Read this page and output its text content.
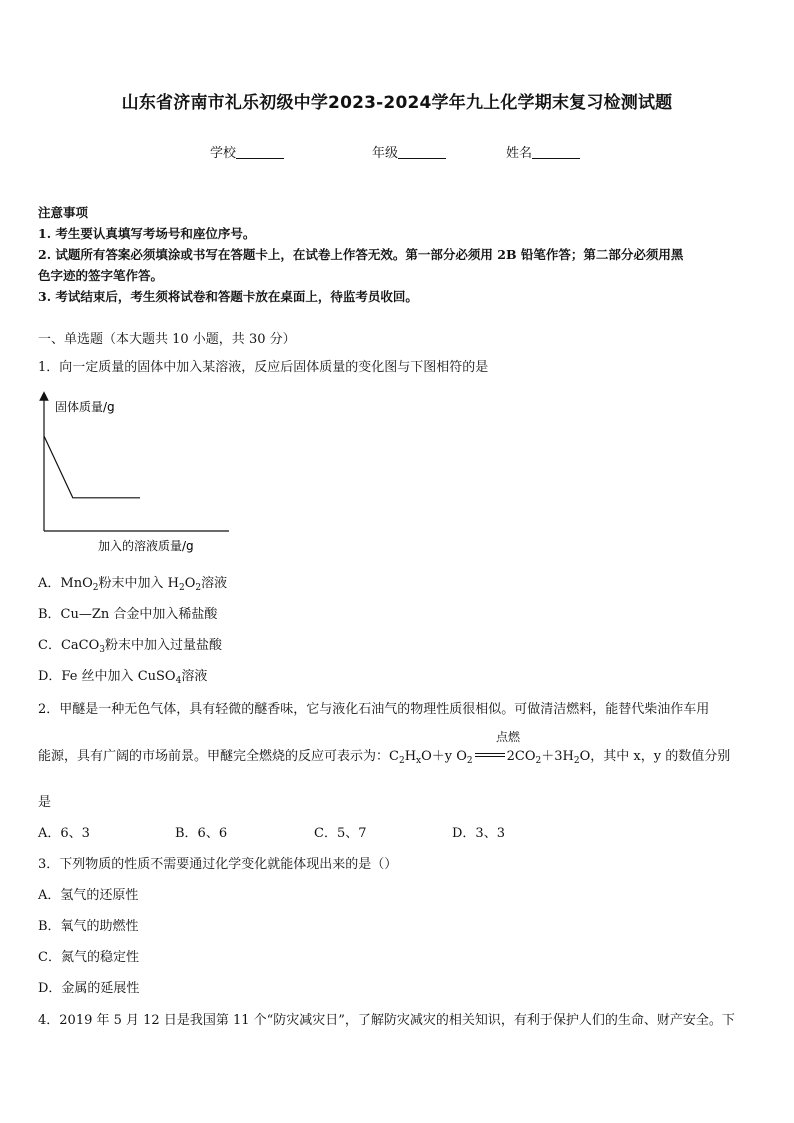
山东省济南市礼乐初级中学2023-2024学年九上化学期末复习检测试题
学校	年级	姓名
注意事项
1. 考生要认真填写考场号和座位序号。
2. 试题所有答案必须填涂或书写在答题卡上，在试卷上作答无效。第一部分必须用 2B 铅笔作答；第二部分必须用黑
色字迹的签字笔作答。
3. 考试结束后，考生须将试卷和答题卡放在桌面上，待监考员收回。
一、单选题（本大题共 10 小题，共 30 分）
1．向一定质量的固体中加入某溶液，反应后固体质量的变化图与下图相符的是
固体质量/g
加入的溶液质量/g
A．MnO$_2$粉末中加入 $H_2O_2$溶液
B．Cu—Zn 合金中加入稀盐酸
C．CaCO$_3$粉末中加入过量盐酸
D．Fe 丝中加入 CuSO$_4$溶液
2．甲醚是一种无色气体，具有轻微的醚香味，它与液化石油气的物理性质很相似。可做清洁燃料，能替代柴油作车用
点燃
能源，具有广阔的市场前景。甲醚完全燃烧的反应可表示为：$C_2H_xO+y$ $O_2$	$2CO_2+3H_2O$，其中 x，y 的数值分别
是
A．6、3	B．6、6	C．5、7	D．3、3
3．下列物质的性质不需要通过化学变化就能体现出来的是（）
A．氢气的还原性
B．氧气的助燃性
C．氮气的稳定性
D．金属的延展性
4．2019 年 5 月 12 日是我国第 11 个“防灾减灾日”，了解防灾减灾的相关知识，有利于保护人们的生命、财产安全。下
